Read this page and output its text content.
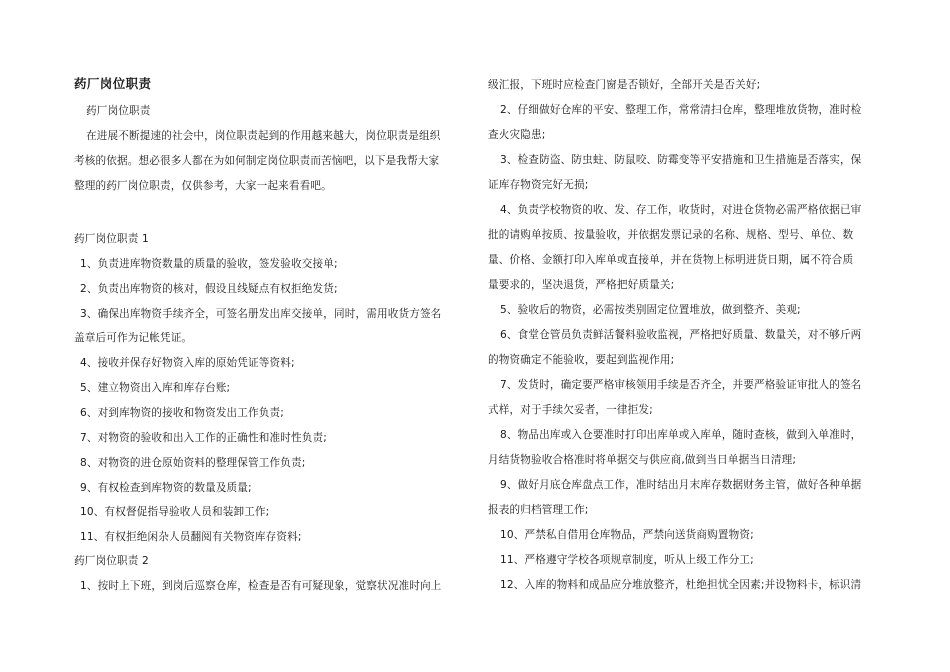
药厂岗位职责
药厂岗位职责
在进展不断提速的社会中，岗位职责起到的作用越来越大，岗位职责是组织
考核的依据。想必很多人都在为如何制定岗位职责而苦恼吧，以下是我帮大家
整理的药厂岗位职责，仅供参考，大家一起来看看吧。
药厂岗位职责 1
1、负责进库物资数量的质量的验收，签发验收交接单;
2、负责出库物资的核对，假设且线疑点有权拒绝发货;
3、确保出库物资手续齐全，可签名册发出库交接单，同时，需用收货方签名
盖章后可作为记帐凭证。
4、接收并保存好物资入库的原始凭证等资料;
5、建立物资出入库和库存台账;
6、对到库物资的接收和物资发出工作负责;
7、对物资的验收和出入工作的正确性和准时性负责;
8、对物资的进仓原始资料的整理保管工作负责;
9、有权检查到库物资的数量及质量;
10、有权督促指导验收人员和装卸工作;
11、有权拒绝闲杂人员翻阅有关物资库存资料;
药厂岗位职责 2
1、按时上下班，到岗后巡察仓库，检查是否有可疑现象，觉察状况准时向上
级汇报，下班时应检查门窗是否锁好，全部开关是否关好;
2、仔细做好仓库的平安、整理工作，常常清扫仓库，整理堆放货物，准时检
查火灾隐患;
3、检查防盗、防虫蛀、防鼠咬、防霉变等平安措施和卫生措施是否落实，保
证库存物资完好无损;
4、负责学校物资的收、发、存工作，收货时，对进仓货物必需严格依据已审
批的请购单按质、按量验收，并依据发票记录的名称、规格、型号、单位、数
量、价格、金额打印入库单或直接单，并在货物上标明进货日期，属不符合质
量要求的，坚决退货，严格把好质量关;
5、验收后的物资，必需按类别固定位置堆放，做到整齐、美观;
6、食堂仓管员负责鲜活餐料验收监视，严格把好质量、数量关，对不够斤两
的物资确定不能验收，要起到监视作用;
7、发货时，确定要严格审核领用手续是否齐全，并要严格验证审批人的签名
式样，对于手续欠妥者，一律拒发;
8、物品出库或入仓要准时打印出库单或入库单，随时查核，做到入单准时，
月结货物验收合格准时将单据交与供应商,做到当日单据当日清理;
9、做好月底仓库盘点工作，准时结出月末库存数据财务主管，做好各种单据
报表的归档管理工作;
10、严禁私自借用仓库物品，严禁向送货商购置物资;
11、严格遵守学校各项规章制度，听从上级工作分工;
12、入库的物料和成品应分堆放整齐，杜绝担忧全因素;并设物料卡，标识清
